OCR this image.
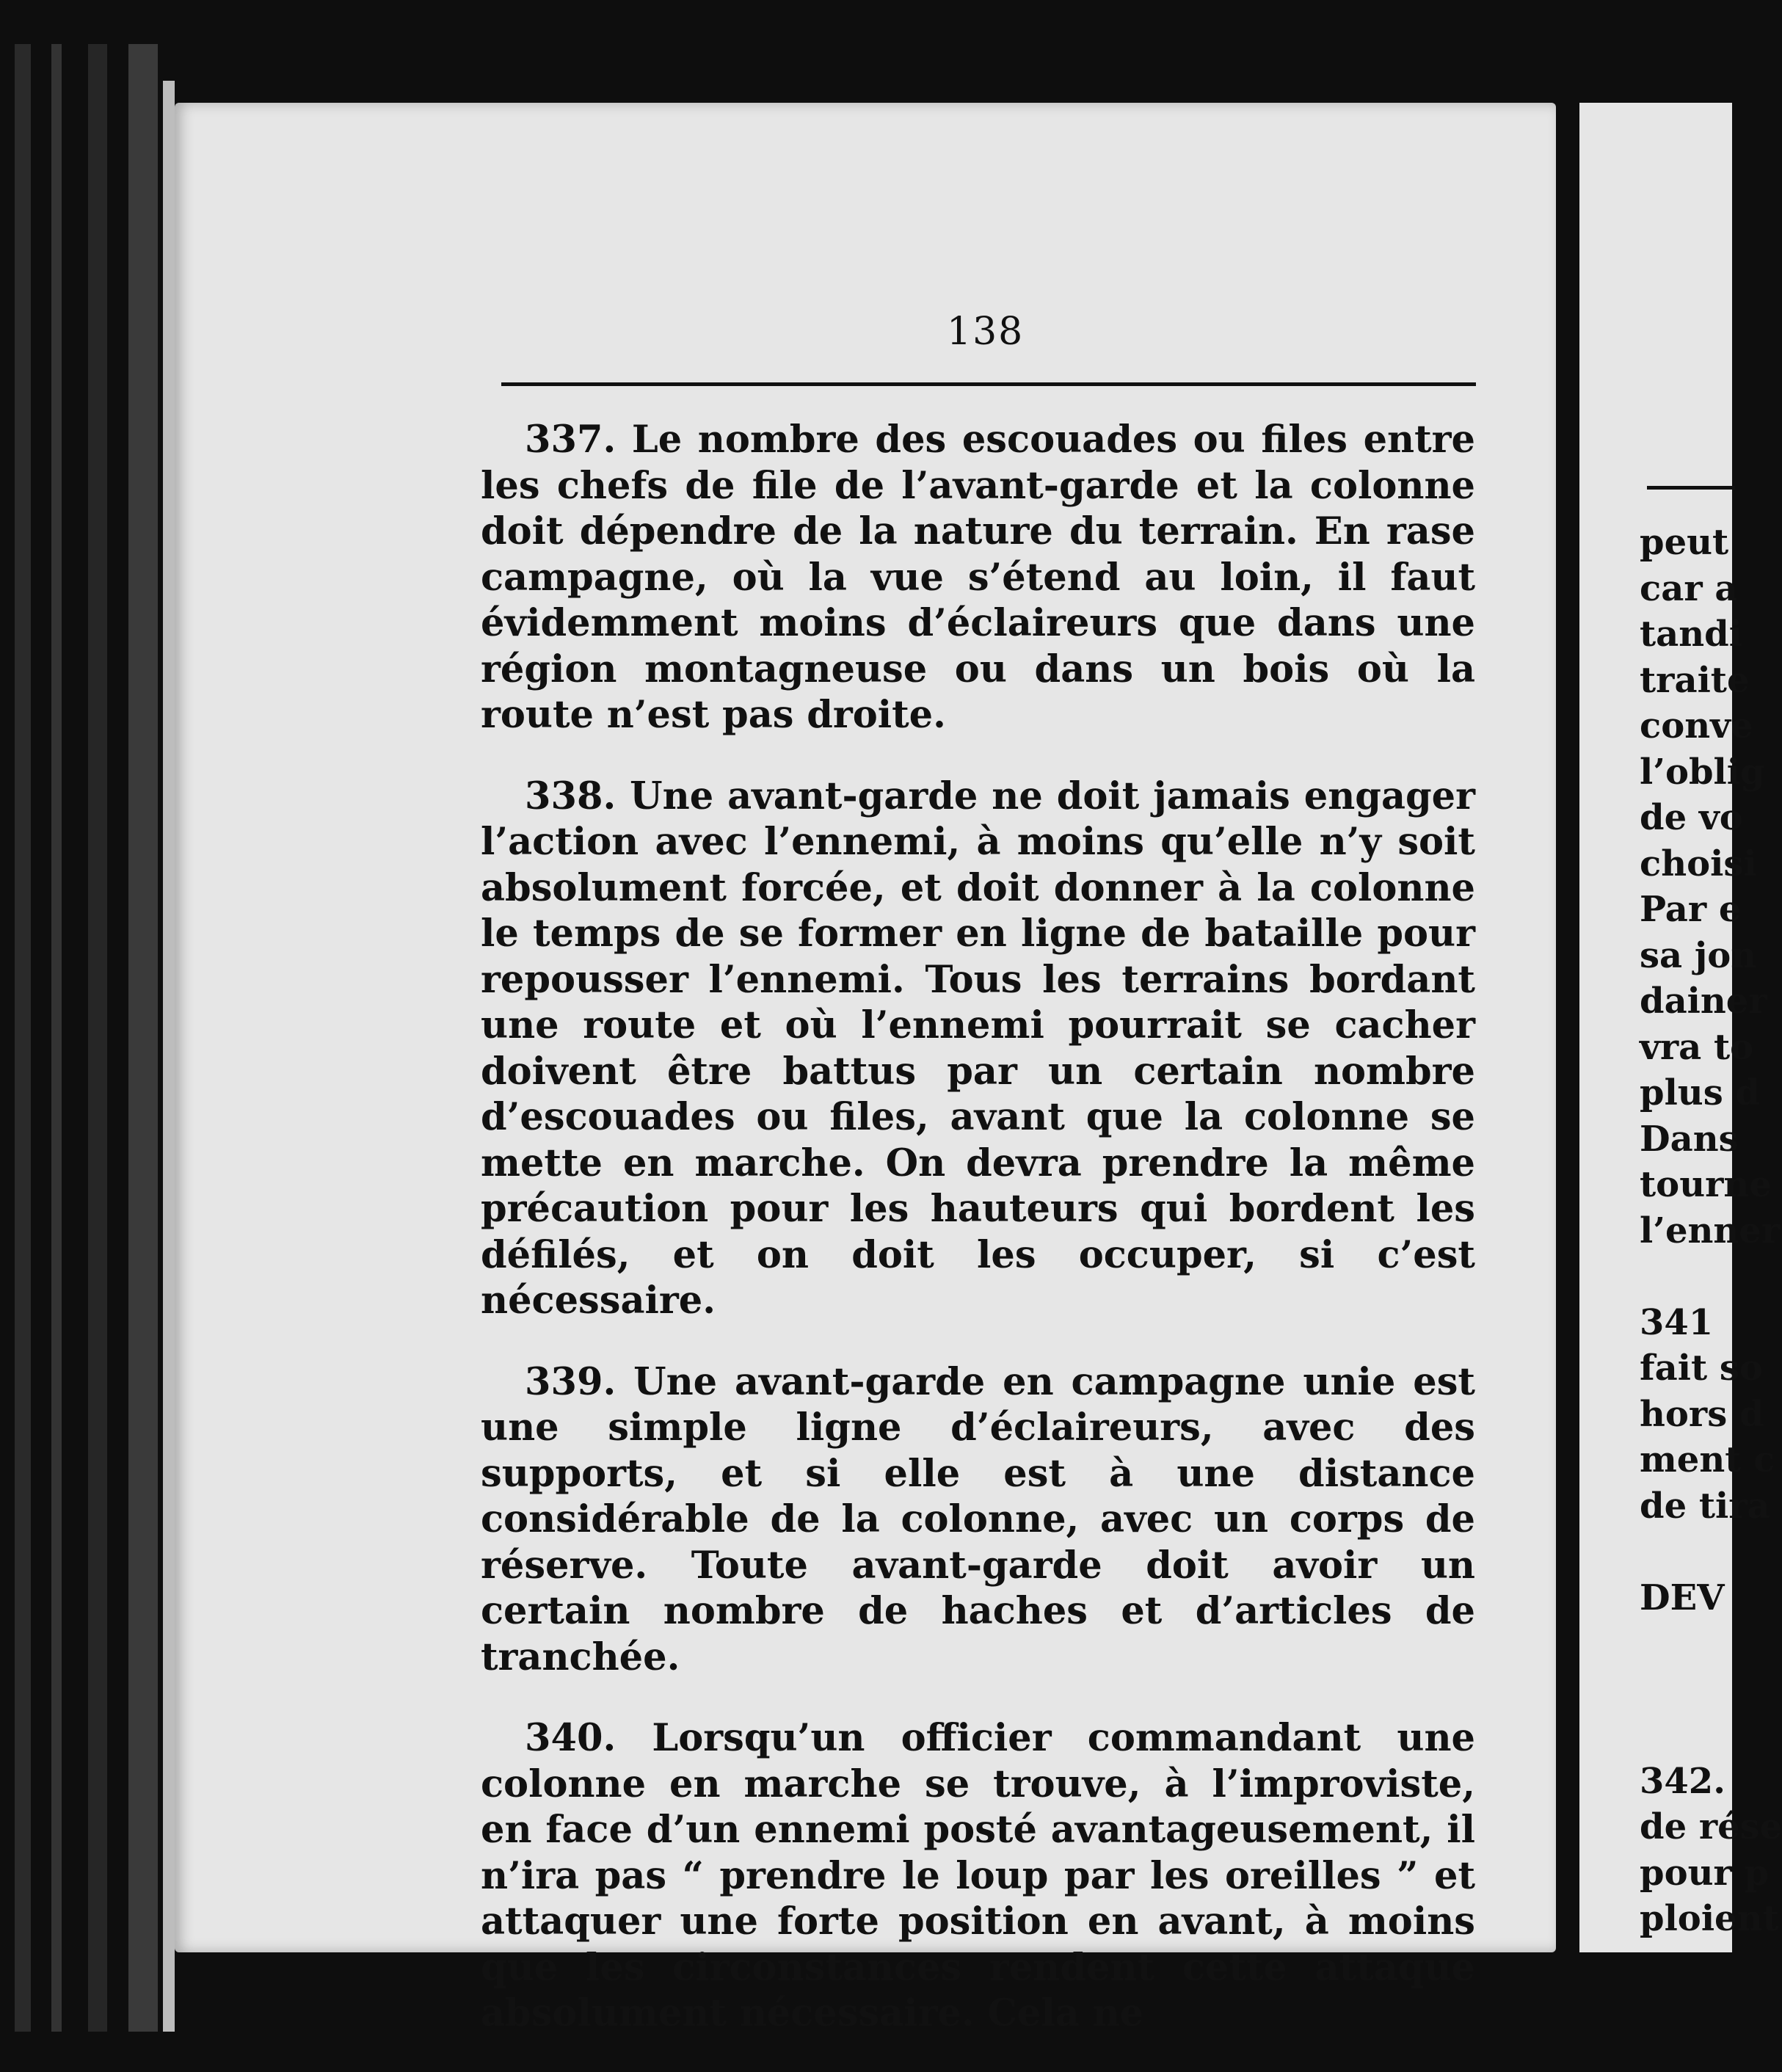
138

337. Le nombre des escouades ou files entre les chefs de file de l’avant-garde et la colonne doit dépendre de la nature du terrain. En rase campagne, où la vue s’étend au loin, il faut évidemment moins d’éclaireurs que dans une région montagneuse ou dans un bois où la route n’est pas droite.

338. Une avant-garde ne doit jamais engager l’action avec l’ennemi, à moins qu’elle n’y soit absolument forcée, et doit donner à la colonne le temps de se former en ligne de bataille pour repousser l’ennemi. Tous les terrains bordant une route et où l’ennemi pourrait se cacher doivent être battus par un certain nombre d’escouades ou files, avant que la colonne se mette en marche. On devra prendre la même précaution pour les hauteurs qui bordent les défilés, et on doit les occuper, si c’est nécessaire.

339. Une avant-garde en campagne unie est une simple ligne d’éclaireurs, avec des supports, et si elle est à une distance considérable de la colonne, avec un corps de réserve. Toute avant-garde doit avoir un certain nombre de haches et d’articles de tranchée.

340. Lorsqu’un officier commandant une colonne en marche se trouve, à l’improviste, en face d’un ennemi posté avantageusement, il n’ira pas “ prendre le loup par les oreilles ” et attaquer une forte position en avant, à moins que les circonstances rendent cette attaque absolument nécessaire. Cela ne

peut
car a
tandi
traite
conve
l’oblig
de vo
choisi
Par e
sa jon
dainer
vra to
plus d
Dans
tourne
l’enner
341
fait so
hors d
ment c
de tira
DEV
342.
de rése
pour p
ploient
